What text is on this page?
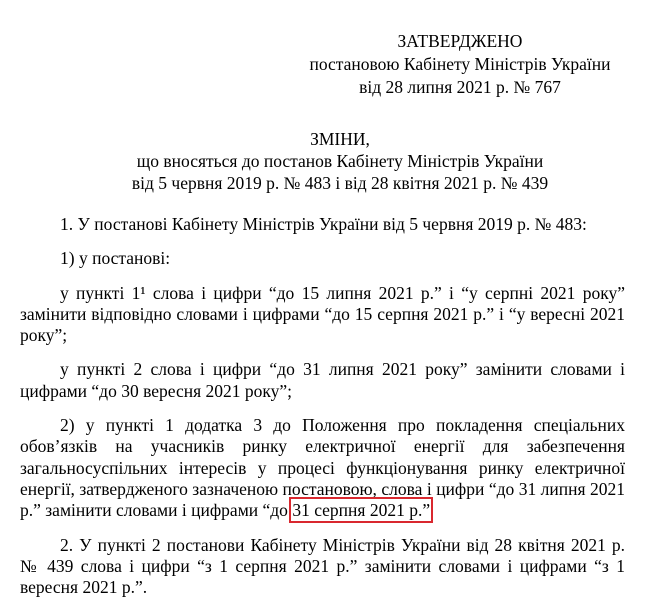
ЗАТВЕРДЖЕНО
постановою Кабінету Міністрів України
від 28 липня 2021 р. № 767
ЗМІНИ,
що вносяться до постанов Кабінету Міністрів України
від 5 червня 2019 р. № 483 і від 28 квітня 2021 р. № 439

1. У постанові Кабінету Міністрів України від 5 червня 2019 р. № 483:

1) у постанові:

у пункті 1¹ слова і цифри “до 15 липня 2021 р.” і “у серпні 2021 року” замінити відповідно словами і цифрами “до 15 серпня 2021 р.” і “у вересні 2021 року”;

у пункті 2 слова і цифри “до 31 липня 2021 року” замінити словами і цифрами “до 30 вересня 2021 року”;

2) у пункті 1 додатка 3 до Положення про покладення спеціальних обов’язків на учасників ринку електричної енергії для забезпечення загальносуспільних інтересів у процесі функціонування ринку електричної енергії, затвердженого зазначеною постановою, слова і цифри “до 31 липня 2021 р.” замінити словами і цифрами “до 31 серпня 2021 р.”

2. У пункті 2 постанови Кабінету Міністрів України від 28 квітня 2021 р. № 439 слова і цифри “з 1 серпня 2021 р.” замінити словами і цифрами “з 1 вересня 2021 р.”.
